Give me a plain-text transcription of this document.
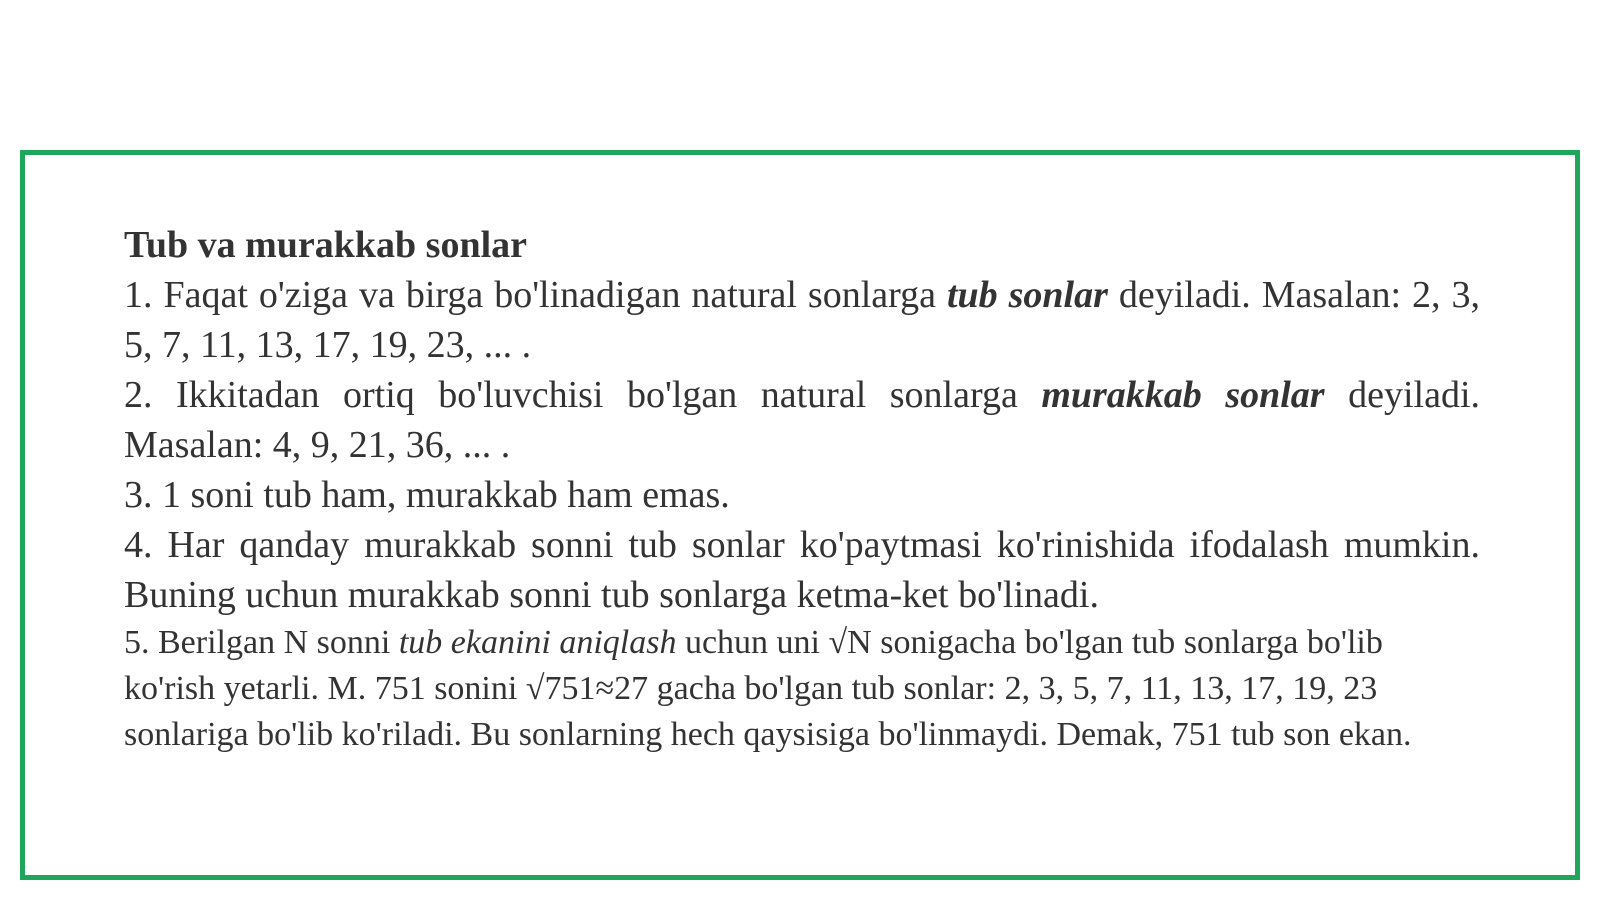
Tub va murakkab sonlar

1. Faqat o'ziga va birga bo'linadigan natural sonlarga tub sonlar deyiladi. Masalan: 2, 3, 5, 7, 11, 13, 17, 19, 23, ... .

2. Ikkitadan ortiq bo'luvchisi bo'lgan natural sonlarga murakkab sonlar deyiladi. Masalan: 4, 9, 21, 36, ... .

3. 1 soni tub ham, murakkab ham emas.

4. Har qanday murakkab sonni tub sonlar ko'paytmasi ko'rinishida ifodalash mumkin. Buning uchun murakkab sonni tub sonlarga ketma-ket bo'linadi.

5. Berilgan N sonni tub ekanini aniqlash uchun uni √N sonigacha bo'lgan tub sonlarga bo'lib ko'rish yetarli. M. 751 sonini √751≈27 gacha bo'lgan tub sonlar: 2, 3, 5, 7, 11, 13, 17, 19, 23 sonlariga bo'lib ko'riladi. Bu sonlarning hech qaysisiga bo'linmaydi. Demak, 751 tub son ekan.
